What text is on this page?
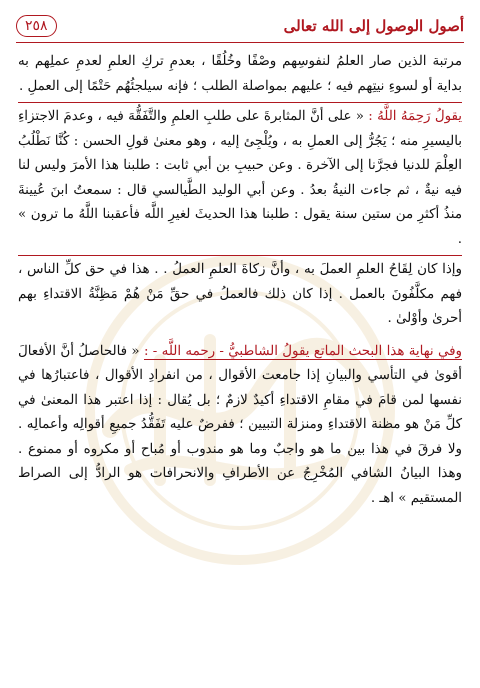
أصول الوصول إلى الله تعالى
٢٥٨

مرتبة الذين صار العلمُ لنفوسِهم وصْفًا وخُلُقًا ، بعدمِ تركِ العلمِ لعدمِ عملِهم به بداية أو لسوءِ نيتِهم فيه ؛ عليهم بمواصلة الطلب ؛ فإنه سيلجئُهُم حَتْمًا إلى العملِ .

يقولُ رَحِمَهُ اللَّهُ : « على أنَّ المثابرةَ على طلبِ العلمِ والتَّفَقُّهَ فيه ، وعدمَ الاجتزاءِ باليسيرِ منه ؛ يَجُرُّ إلى العملِ به ، ويُلْجِئ إليه ، وهو معنىٰ قولِ الحسن : كُنَّا نَطْلُبُ العِلْمَ للدنيا فجرَّنا إلى الآخرة . وعن حبيبِ بن أبي ثابت : طلبنا هذا الأمرَ وليس لنا فيه نيةٌ ، ثم جاءت النيةُ بعدُ . وعن أبي الوليد الطَّيالسي قال : سمعتُ ابنَ عُيينةَ منذُ أكثرِ من ستين سنة يقول : طلبنا هذا الحديثَ لغيرِ اللَّه فأعقبنا اللَّهُ ما ترون » .

وإذا كان لِقَاحُ العلمِ العملَ به ، وأنَّ زكاةَ العلمِ العملُ . . هذا في حق كلِّ الناس ، فهم مكلَّفُونَ بالعمل . إذا كان ذلك فالعملُ في حقِّ مَنْ هُمْ مَظِنَّةُ الاقتداءِ بهم أحرىٰ وأوْلىٰ .

وفي نهاية هذا البحث الماتع يقولُ الشاطبيُّ - رحمه اللَّه - : « فالحاصلُ أنَّ الأفعالَ أقوىٰ في التأسي والبيانِ إذا جامعت الأقوال ، من انفرادِ الأقوال ، فاعتبارُها في نفسها لمن قامَ في مقامِ الاقتداءِ أكيدٌ لازمٌ ؛ بل يُقال : إذا اعتبر هذا المعنىٰ في كلِّ مَنْ هو مظنة الاقتداءِ ومنزلة التبيين ؛ ففرضٌ عليه تَفَقُّدُ جميعِ أقوالِه وأعمالِه . ولا فرقَ في هذا بين ما هو واجبٌ وما هو مندوب أو مُباح أو مكروه أو ممنوع . وهذا البيانُ الشافي المُخْرِجُ عن الأطرافِ والانحرافات هو الرادُّ إلى الصراط المستقيم » اهـ .
